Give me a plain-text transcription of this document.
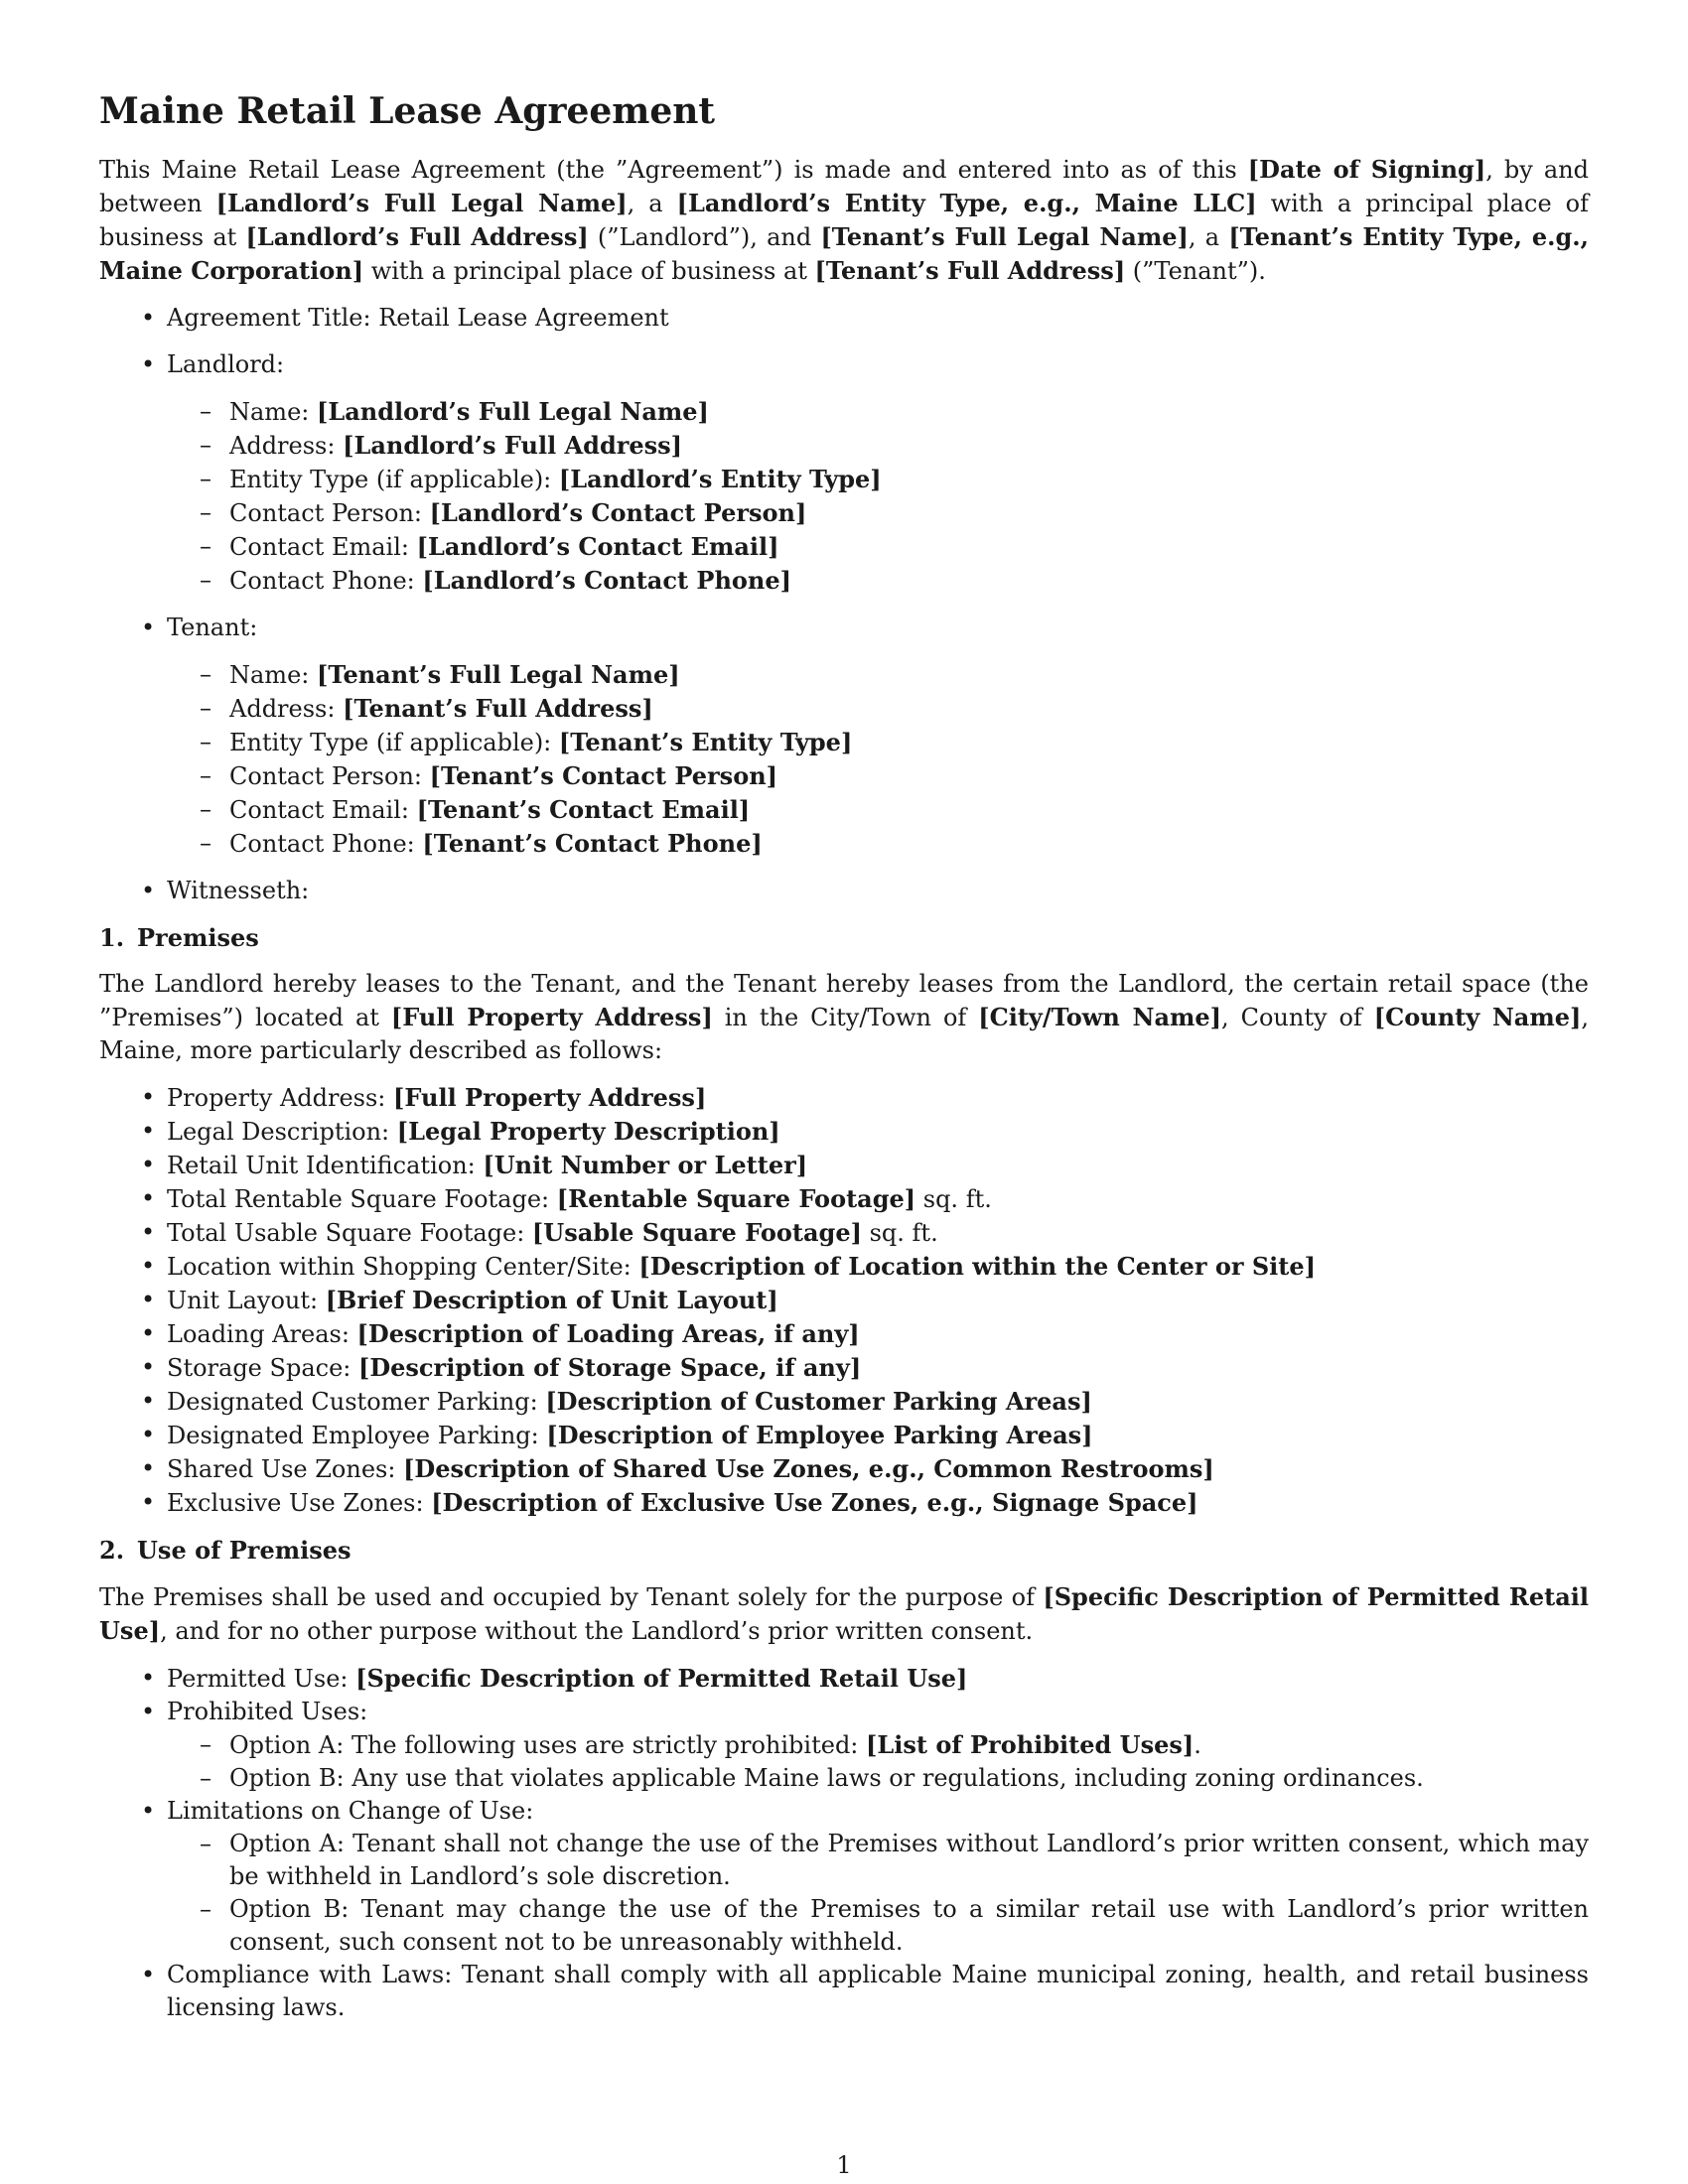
Maine Retail Lease Agreement

This Maine Retail Lease Agreement (the ”Agreement”) is made and entered into as of this [Date of Signing], by and between [Landlord’s Full Legal Name], a [Landlord’s Entity Type, e.g., Maine LLC] with a principal place of business at [Landlord’s Full Address] (”Landlord”), and [Tenant’s Full Legal Name], a [Tenant’s Entity Type, e.g., Maine Corporation] with a principal place of business at [Tenant’s Full Address] (”Tenant”).

• Agreement Title: Retail Lease Agreement
• Landlord:
– Name: [Landlord’s Full Legal Name]
– Address: [Landlord’s Full Address]
– Entity Type (if applicable): [Landlord’s Entity Type]
– Contact Person: [Landlord’s Contact Person]
– Contact Email: [Landlord’s Contact Email]
– Contact Phone: [Landlord’s Contact Phone]
• Tenant:
– Name: [Tenant’s Full Legal Name]
– Address: [Tenant’s Full Address]
– Entity Type (if applicable): [Tenant’s Entity Type]
– Contact Person: [Tenant’s Contact Person]
– Contact Email: [Tenant’s Contact Email]
– Contact Phone: [Tenant’s Contact Phone]
• Witnesseth:
1. Premises

The Landlord hereby leases to the Tenant, and the Tenant hereby leases from the Landlord, the certain retail space (the ”Premises”) located at [Full Property Address] in the City/Town of [City/Town Name], County of [County Name], Maine, more particularly described as follows:

• Property Address: [Full Property Address]
• Legal Description: [Legal Property Description]
• Retail Unit Identification: [Unit Number or Letter]
• Total Rentable Square Footage: [Rentable Square Footage] sq. ft.
• Total Usable Square Footage: [Usable Square Footage] sq. ft.
• Location within Shopping Center/Site: [Description of Location within the Center or Site]
• Unit Layout: [Brief Description of Unit Layout]
• Loading Areas: [Description of Loading Areas, if any]
• Storage Space: [Description of Storage Space, if any]
• Designated Customer Parking: [Description of Customer Parking Areas]
• Designated Employee Parking: [Description of Employee Parking Areas]
• Shared Use Zones: [Description of Shared Use Zones, e.g., Common Restrooms]
• Exclusive Use Zones: [Description of Exclusive Use Zones, e.g., Signage Space]
2. Use of Premises

The Premises shall be used and occupied by Tenant solely for the purpose of [Specific Description of Permitted Retail Use], and for no other purpose without the Landlord’s prior written consent.

• Permitted Use: [Specific Description of Permitted Retail Use]
• Prohibited Uses:
– Option A: The following uses are strictly prohibited: [List of Prohibited Uses].
– Option B: Any use that violates applicable Maine laws or regulations, including zoning ordinances.
• Limitations on Change of Use:
– Option A: Tenant shall not change the use of the Premises without Landlord’s prior written consent, which may be withheld in Landlord’s sole discretion.
– Option B: Tenant may change the use of the Premises to a similar retail use with Landlord’s prior written consent, such consent not to be unreasonably withheld.
• Compliance with Laws: Tenant shall comply with all applicable Maine municipal zoning, health, and retail business licensing laws.
1
